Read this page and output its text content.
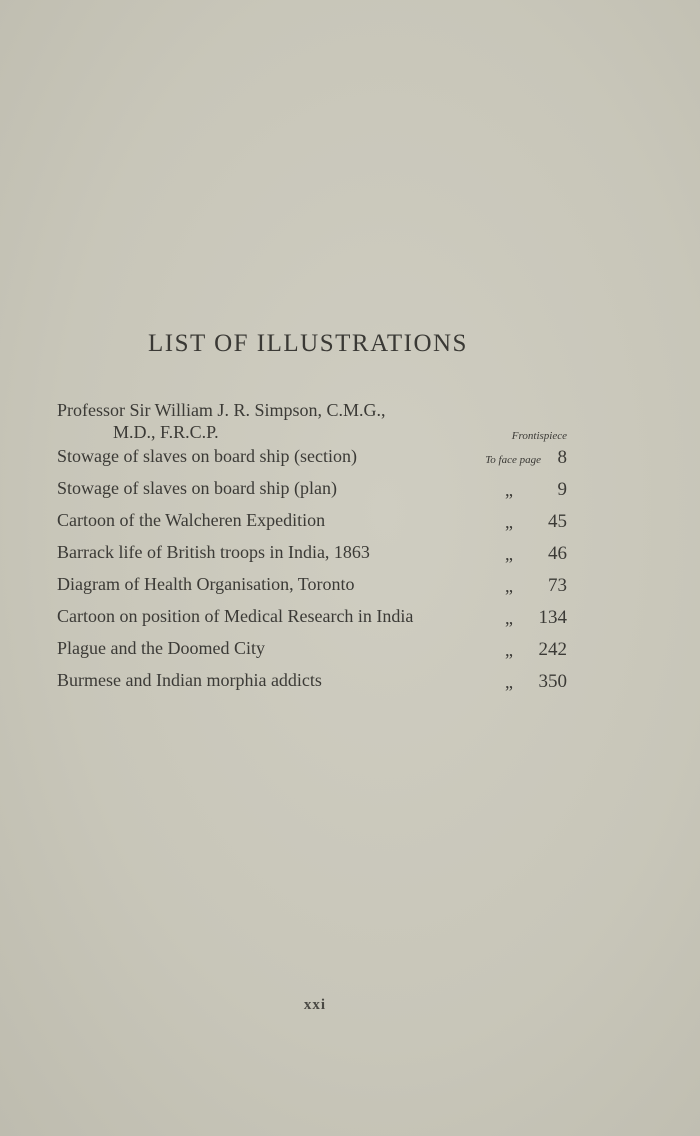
LIST OF ILLUSTRATIONS
Professor Sir William J. R. Simpson, C.M.G.,
M.D., F.R.C.P.	Frontispiece
Stowage of slaves on board ship (section)	To face page 8
Stowage of slaves on board ship (plan)	„ 9
Cartoon of the Walcheren Expedition	„ 45
Barrack life of British troops in India, 1863	„ 46
Diagram of Health Organisation, Toronto	„ 73
Cartoon on position of Medical Research in India	„ 134
Plague and the Doomed City	„ 242
Burmese and Indian morphia addicts	„ 350
xxi
